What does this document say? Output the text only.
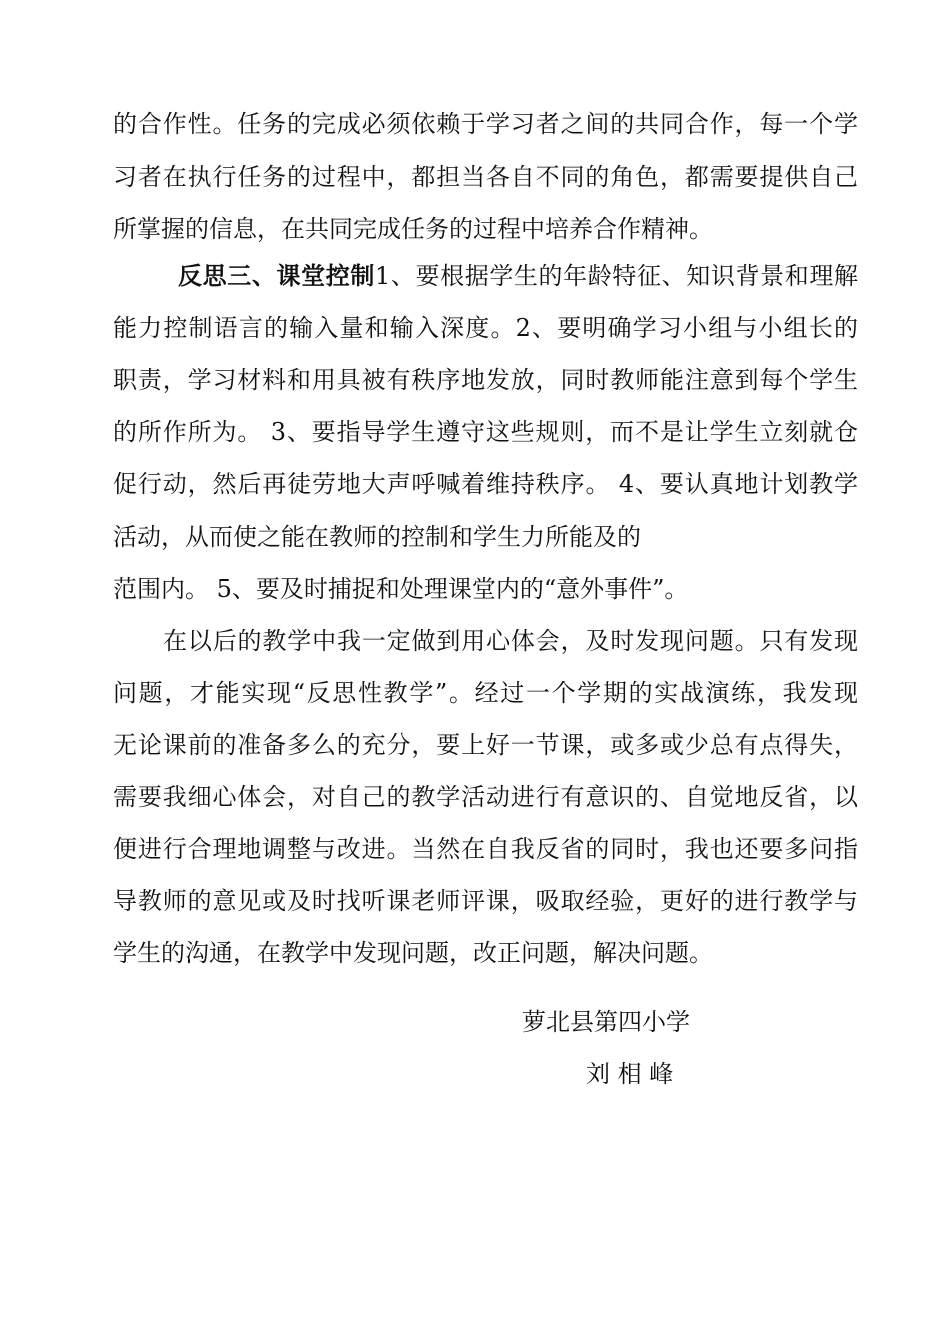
的合作性。任务的完成必须依赖于学习者之间的共同合作，每一个学
习者在执行任务的过程中，都担当各自不同的角色，都需要提供自己
所掌握的信息，在共同完成任务的过程中培养合作精神。
反思三、课堂控制1、要根据学生的年龄特征、知识背景和理解
能力控制语言的输入量和输入深度。2、要明确学习小组与小组长的
职责，学习材料和用具被有秩序地发放，同时教师能注意到每个学生
的所作所为。 3、要指导学生遵守这些规则，而不是让学生立刻就仓
促行动，然后再徒劳地大声呼喊着维持秩序。 4、要认真地计划教学
活动，从而使之能在教师的控制和学生力所能及的
范围内。 5、要及时捕捉和处理课堂内的“意外事件”。
在以后的教学中我一定做到用心体会，及时发现问题。只有发现
问题，才能实现“反思性教学”。经过一个学期的实战演练，我发现
无论课前的准备多么的充分，要上好一节课，或多或少总有点得失，
需要我细心体会，对自己的教学活动进行有意识的、自觉地反省，以
便进行合理地调整与改进。当然在自我反省的同时，我也还要多问指
导教师的意见或及时找听课老师评课，吸取经验，更好的进行教学与
学生的沟通，在教学中发现问题，改正问题，解决问题。
萝北县第四小学
刘 相 峰
